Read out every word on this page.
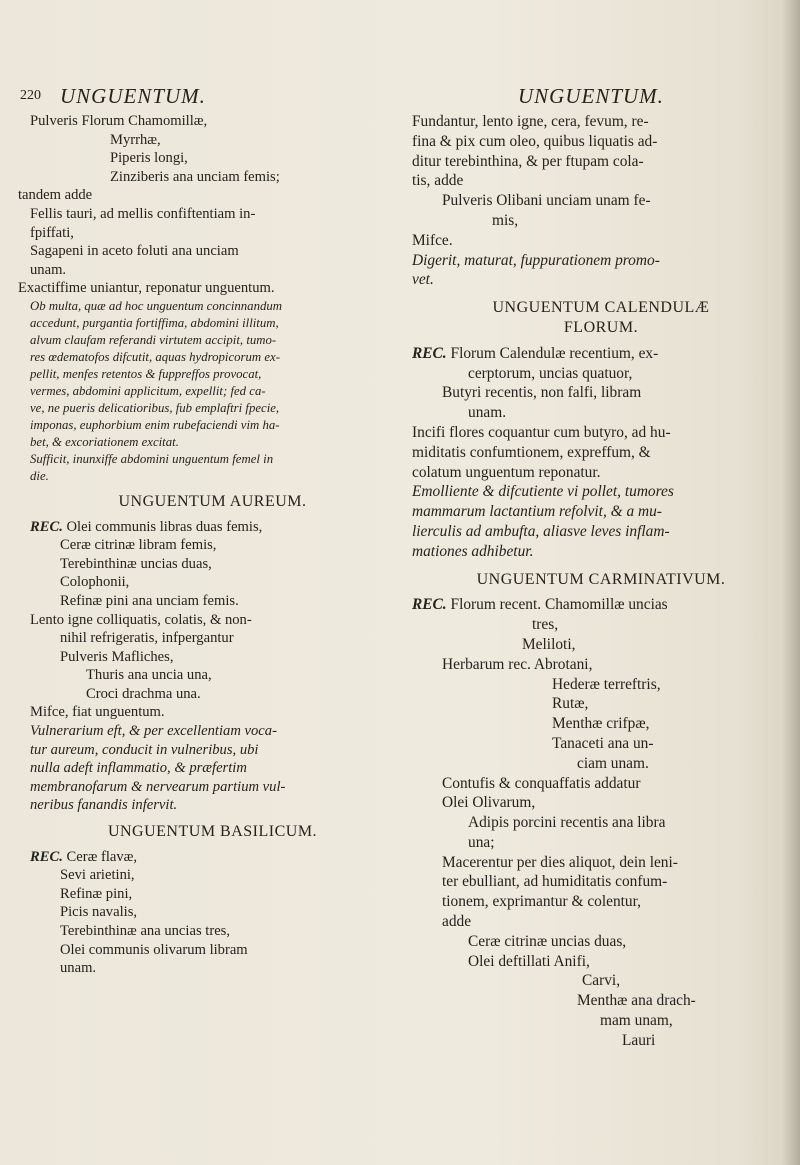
220 UNGUENTUM.	UNGUENTUM.
Pulveris Florum Chamomillæ,
Myrrhæ,
Piperis longi,
Zinziberis ana unciam femis;
tandem adde
Fellis tauri, ad mellis confiftentiam in-
fpiffati,
Sagapeni in aceto foluti ana unciam
unam.
Exactiffime uniantur, reponatur unguentum.
Ob multa, quæ ad hoc unguentum concinnandum
accedunt, purgantia fortiffima, abdomini illitum,
alvum claufam referandi virtutem accipit, tumo-
res œdematofos difcutit, aquas hydropicorum ex-
pellit, menfes retentos & fuppreffos provocat,
vermes, abdomini applicitum, expellit; fed ca-
ve, ne pueris delicatioribus, fub emplaftri fpecie,
imponas, euphorbium enim rubefaciendi vim ha-
bet, & excoriationem excitat.
Sufficit, inunxiffe abdomini unguentum femel in
die.
UNGUENTUM AUREUM.
REC. Olei communis libras duas femis,
Ceræ citrinæ libram femis,
Terebinthinæ uncias duas,
Colophonii,
Refinæ pini ana unciam femis.
Lento igne colliquatis, colatis, & non-
nihil refrigeratis, infpergantur
Pulveris Mafliches,
Thuris ana uncia una,
Croci drachma una.
Mifce, fiat unguentum.
Vulnerarium eft, & per excellentiam voca-
tur aureum, conducit in vulneribus, ubi
nulla adeft inflammatio, & præfertim
membranofarum & nervearum partium vul-
neribus fanandis infervit.
UNGUENTUM BASILICUM.
REC. Ceræ flavæ,
Sevi arietini,
Refinæ pini,
Picis navalis,
Terebinthinæ ana uncias tres,
Olei communis olivarum libram
unam.
Fundantur, lento igne, cera, fevum, re-
fina & pix cum oleo, quibus liquatis ad-
ditur terebinthina, & per ftupam cola-
tis, adde
Pulveris Olibani unciam unam fe-
mis,
Mifce.
Digerit, maturat, fuppurationem promo-
vet.
UNGUENTUM CALENDULÆ
FLORUM.
REC. Florum Calendulæ recentium, ex-
cerptorum, uncias quatuor,
Butyri recentis, non falfi, libram
unam.
Incifi flores coquantur cum butyro, ad hu-
miditatis confumtionem, expreffum, &
colatum unguentum reponatur.
Emolliente & difcutiente vi pollet, tumores
mammarum lactantium refolvit, & a mu-
lierculis ad ambufta, aliasve leves inflam-
mationes adhibetur.
UNGUENTUM CARMINATIVUM.
REC. Florum recent. Chamomillæ uncias
tres,
Meliloti,
Herbarum rec. Abrotani,
Hederæ terreftris,
Rutæ,
Menthæ crifpæ,
Tanaceti ana un-
ciam unam.
Contufis & conquaffatis addatur
Olei Olivarum,
Adipis porcini recentis ana libra
una;
Macerentur per dies aliquot, dein leni-
ter ebulliant, ad humiditatis confum-
tionem, exprimantur & colentur,
adde
Ceræ citrinæ uncias duas,
Olei deftillati Anifi,
Carvi,
Menthæ ana drach-
mam unam,
Lauri
